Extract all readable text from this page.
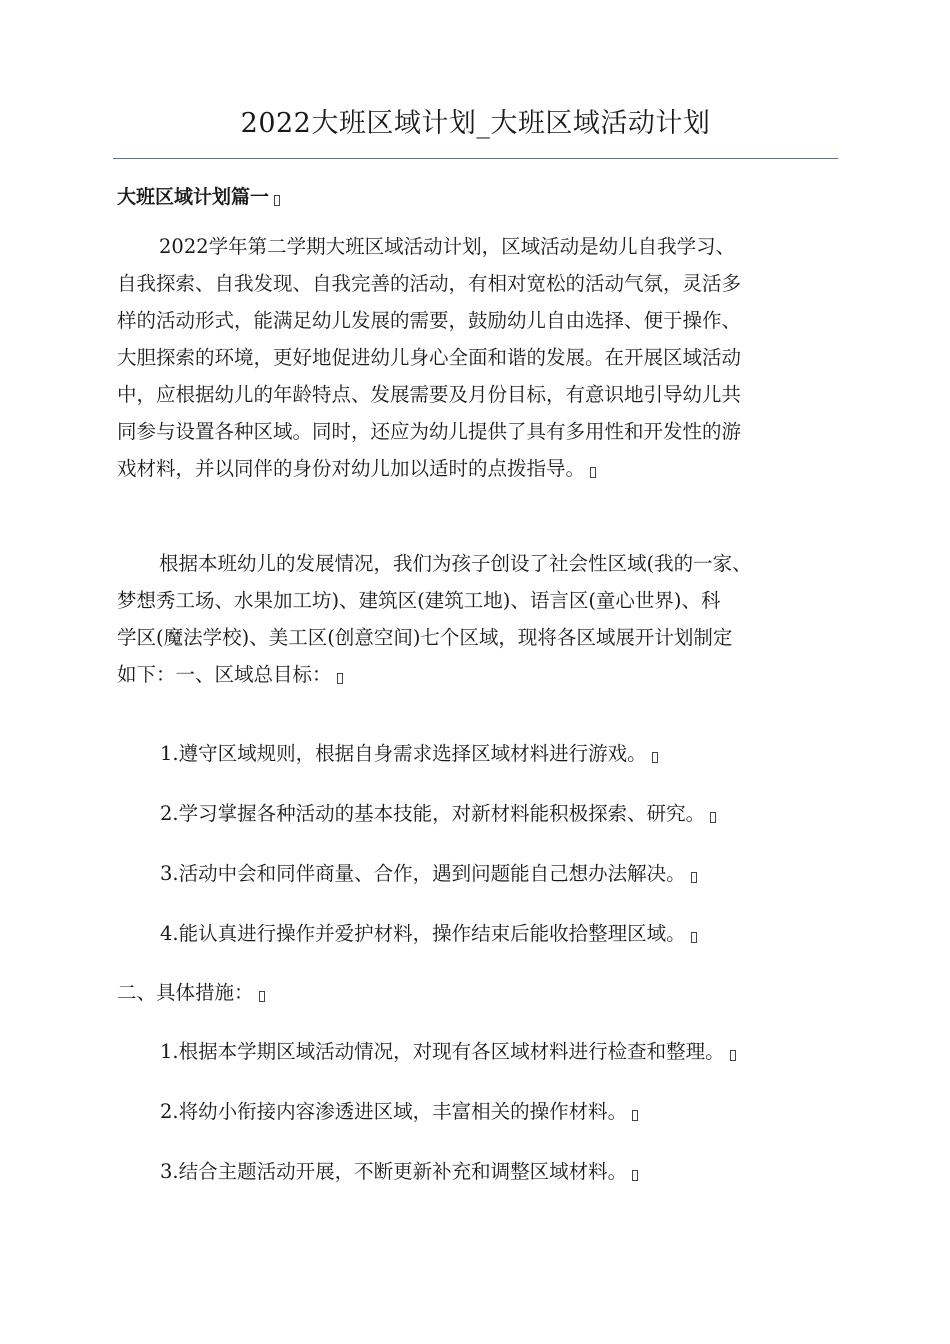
2022大班区域计划_大班区域活动计划

大班区域计划篇一

2022学年第二学期大班区域活动计划，区域活动是幼儿自我学习、
自我探索、自我发现、自我完善的活动，有相对宽松的活动气氛，灵活多
样的活动形式，能满足幼儿发展的需要，鼓励幼儿自由选择、便于操作、
大胆探索的环境，更好地促进幼儿身心全面和谐的发展。在开展区域活动
中，应根据幼儿的年龄特点、发展需要及月份目标，有意识地引导幼儿共
同参与设置各种区域。同时，还应为幼儿提供了具有多用性和开发性的游
戏材料，并以同伴的身份对幼儿加以适时的点拨指导。
根据本班幼儿的发展情况，我们为孩子创设了社会性区域(我的一家、
梦想秀工场、水果加工坊)、建筑区(建筑工地)、语言区(童心世界)、科
学区(魔法学校)、美工区(创意空间)七个区域，现将各区域展开计划制定
如下：一、区域总目标：

1.遵守区域规则，根据自身需求选择区域材料进行游戏。

2.学习掌握各种活动的基本技能，对新材料能积极探索、研究。

3.活动中会和同伴商量、合作，遇到问题能自己想办法解决。

4.能认真进行操作并爱护材料，操作结束后能收拾整理区域。

二、具体措施：

1.根据本学期区域活动情况，对现有各区域材料进行检查和整理。

2.将幼小衔接内容渗透进区域，丰富相关的操作材料。

3.结合主题活动开展，不断更新补充和调整区域材料。
